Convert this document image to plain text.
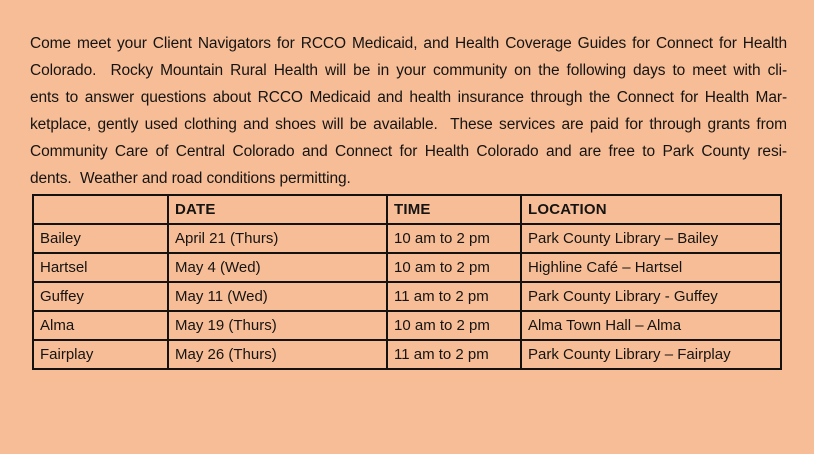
Come meet your Client Navigators for RCCO Medicaid, and Health Coverage Guides for Connect for Health
Colorado.  Rocky Mountain Rural Health will be in your community on the following days to meet with cli-
ents to answer questions about RCCO Medicaid and health insurance through the Connect for Health Mar-
ketplace, gently used clothing and shoes will be available.  These services are paid for through grants from
Community Care of Central Colorado and Connect for Health Colorado and are free to Park County resi-
dents.  Weather and road conditions permitting.
	DATE	TIME	LOCATION
Bailey	April 21 (Thurs)	10 am to 2 pm	Park County Library – Bailey
Hartsel	May 4 (Wed)	10 am to 2 pm	Highline Café – Hartsel
Guffey	May 11 (Wed)	11 am to 2 pm	Park County Library - Guffey
Alma	May 19 (Thurs)	10 am to 2 pm	Alma Town Hall – Alma
Fairplay	May 26 (Thurs)	11 am to 2 pm	Park County Library – Fairplay
